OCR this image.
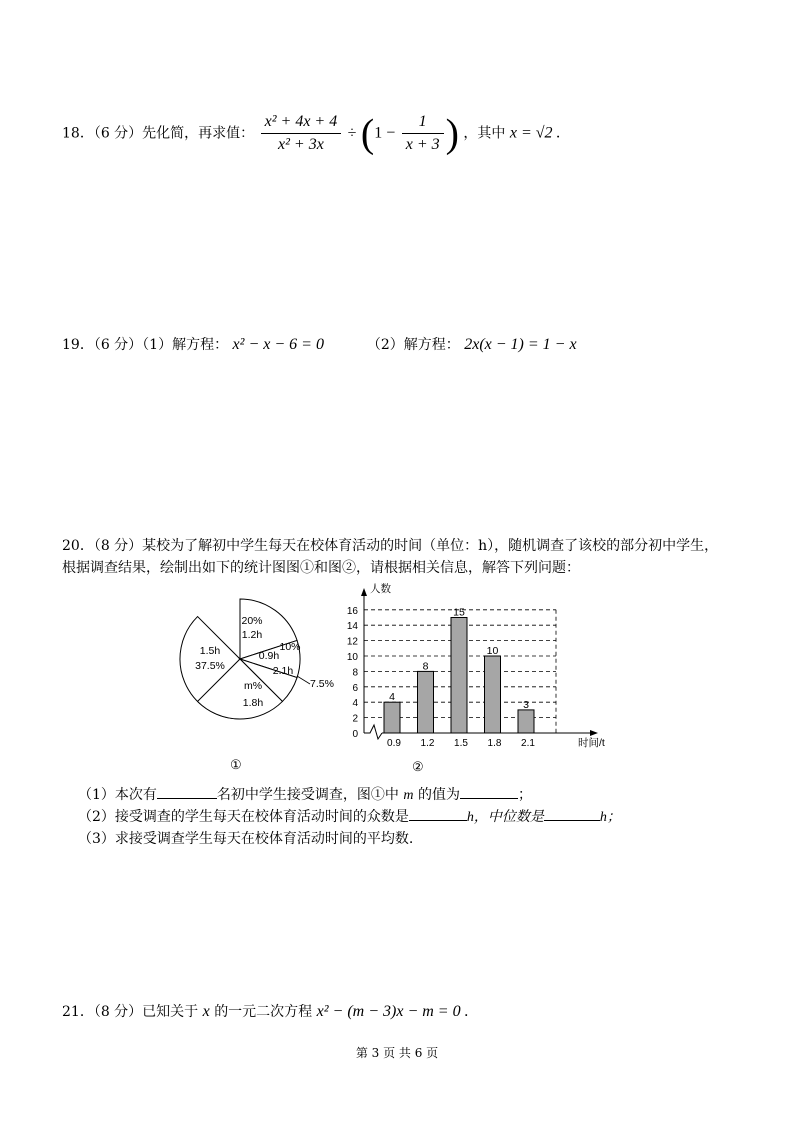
18．（6 分）先化简，再求值： $\frac{\text{x² + 4x + 4}}{\text{x² + 3x}} \div (1 - \frac{1}{x + 3}$ ) ，其中 x = √2 .
19．（6 分）（1）解方程： x² − x − 6 = 0	（2）解方程： 2x(x − 1) = 1 − x
20．（8 分）某校为了解初中学生每天在校体育活动的时间（单位：h），随机调查了该校的部分初中学生，
根据调查结果，绘制出如下的统计图图①和图②，请根据相关信息，解答下列问题：
1.5h
37.5%
20%
1.2h
10%
0.9h
2.1h
7.5%
m%
1.8h
①
0
2
4
6
8
10
12
14
16
人数
时间/t
4
0.9
8
1.2
15
1.5
10
1.8
3
2.1
②
（1）本次有	名初中学生接受调查，图①中 m 的值为	；
（2）接受调查的学生每天在校体育活动时间的众数是	h，中位数是	h；
（3）求接受调查学生每天在校体育活动时间的平均数.
21．（8 分）已知关于 x 的一元二次方程 x² − (m − 3)x − m = 0 .
第 3 页 共 6 页
